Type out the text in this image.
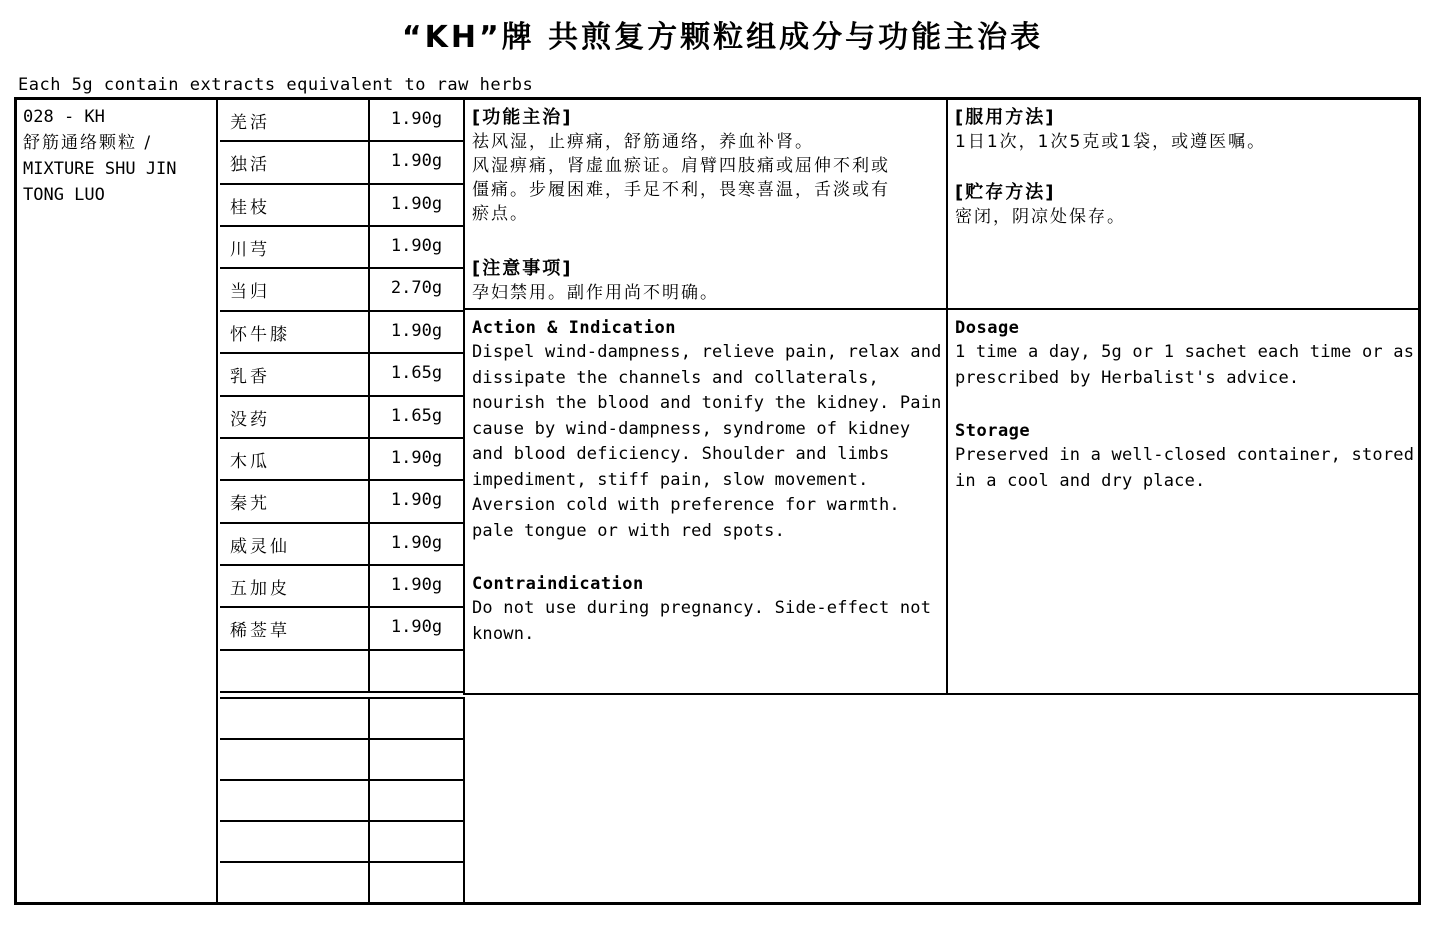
“KH”牌 共煎复方颗粒组成分与功能主治表
Each 5g contain extracts equivalent to raw herbs
028 - KH
舒筋通络颗粒 /
MIXTURE SHU JIN
TONG LUO
羌活	1.90g
独活	1.90g
桂枝	1.90g
川芎	1.90g
当归	2.70g
怀牛膝	1.90g
乳香	1.65g
没药	1.65g
木瓜	1.90g
秦艽	1.90g
威灵仙	1.90g
五加皮	1.90g
稀莶草	1.90g
[功能主治]
祛风湿，止痹痛，舒筋通络，养血补肾。
风湿痹痛，肾虚血瘀证。肩臂四肢痛或屈伸不利或
僵痛。步履困难，手足不利，畏寒喜温，舌淡或有
瘀点。
[注意事项]
孕妇禁用。副作用尚不明确。
Action & Indication
Dispel wind-dampness, relieve pain, relax and
dissipate the channels and collaterals,
nourish the blood and tonify the kidney. Pain
cause by wind-dampness, syndrome of kidney
and blood deficiency. Shoulder and limbs
impediment, stiff pain, slow movement.
Aversion cold with preference for warmth.
pale tongue or with red spots.
Contraindication
Do not use during pregnancy. Side-effect not
known.
[服用方法]
1日1次，1次5克或1袋，或遵医嘱。
[贮存方法]
密闭，阴凉处保存。
Dosage
1 time a day, 5g or 1 sachet each time or as
prescribed by Herbalist's advice.
Storage
Preserved in a well-closed container, stored
in a cool and dry place.
